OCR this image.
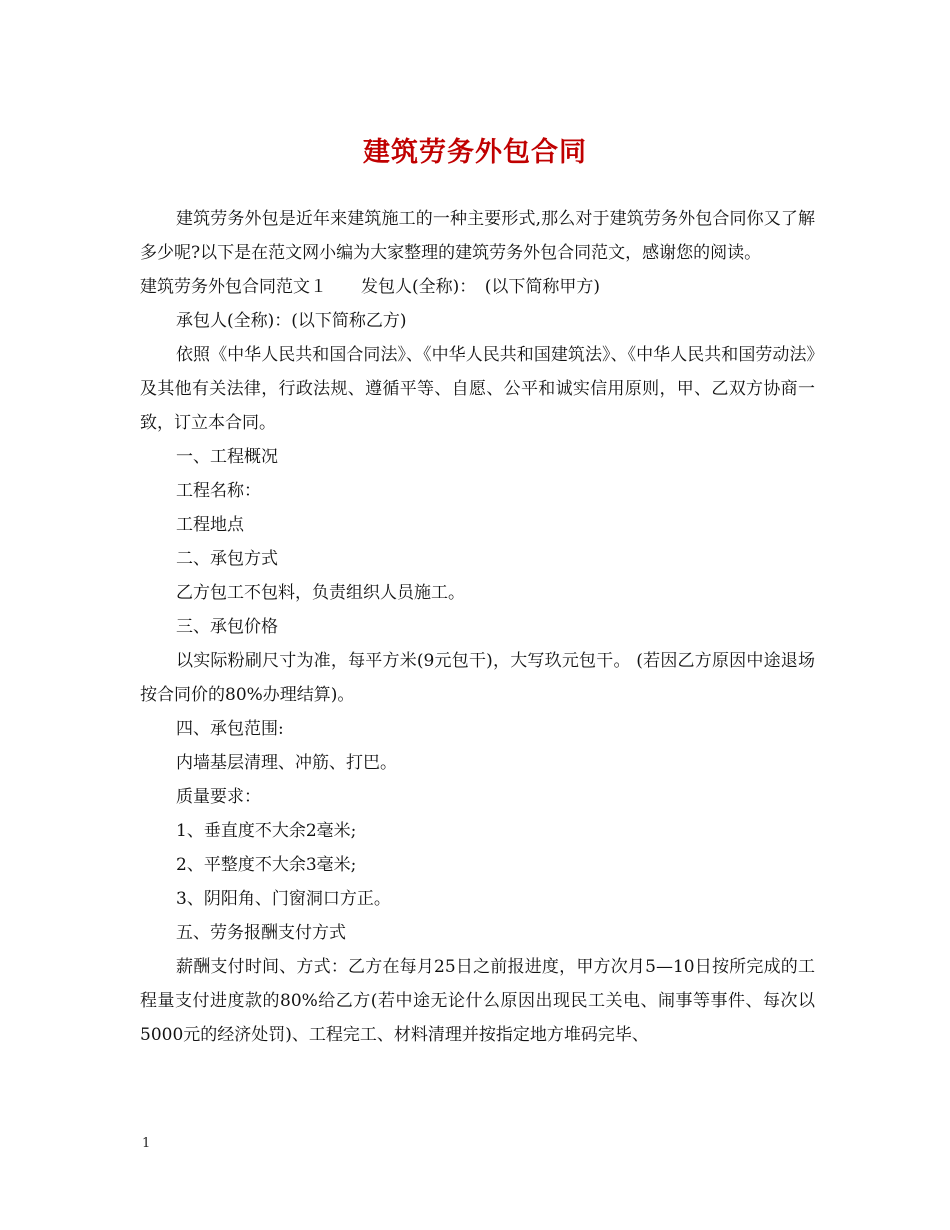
建筑劳务外包合同

建筑劳务外包是近年来建筑施工的一种主要形式,那么对于建筑劳务外包合同你又了解多少呢?以下是在范文网小编为大家整理的建筑劳务外包合同范文，感谢您的阅读。

建筑劳务外包合同范文１　　发包人(全称)：　(以下简称甲方)

承包人(全称)：(以下简称乙方)

依照《中华人民共和国合同法》、《中华人民共和国建筑法》、《中华人民共和国劳动法》及其他有关法律，行政法规、遵循平等、自愿、公平和诚实信用原则，甲、乙双方协商一致，订立本合同。

一、工程概况

工程名称：

工程地点

二、承包方式

乙方包工不包料，负责组织人员施工。

三、承包价格

以实际粉刷尺寸为准，每平方米(9元包干)，大写玖元包干。 (若因乙方原因中途退场按合同价的80%办理结算)。

四、承包范围:

内墙基层清理、冲筋、打巴。

质量要求：

1、垂直度不大余2毫米;

2、平整度不大余3毫米;

3、阴阳角、门窗洞口方正。

五、劳务报酬支付方式

薪酬支付时间、方式：乙方在每月25日之前报进度，甲方次月5—10日按所完成的工程量支付进度款的80%给乙方(若中途无论什么原因出现民工关电、闹事等事件、每次以5000元的经济处罚)、工程完工、材料清理并按指定地方堆码完毕、

1
